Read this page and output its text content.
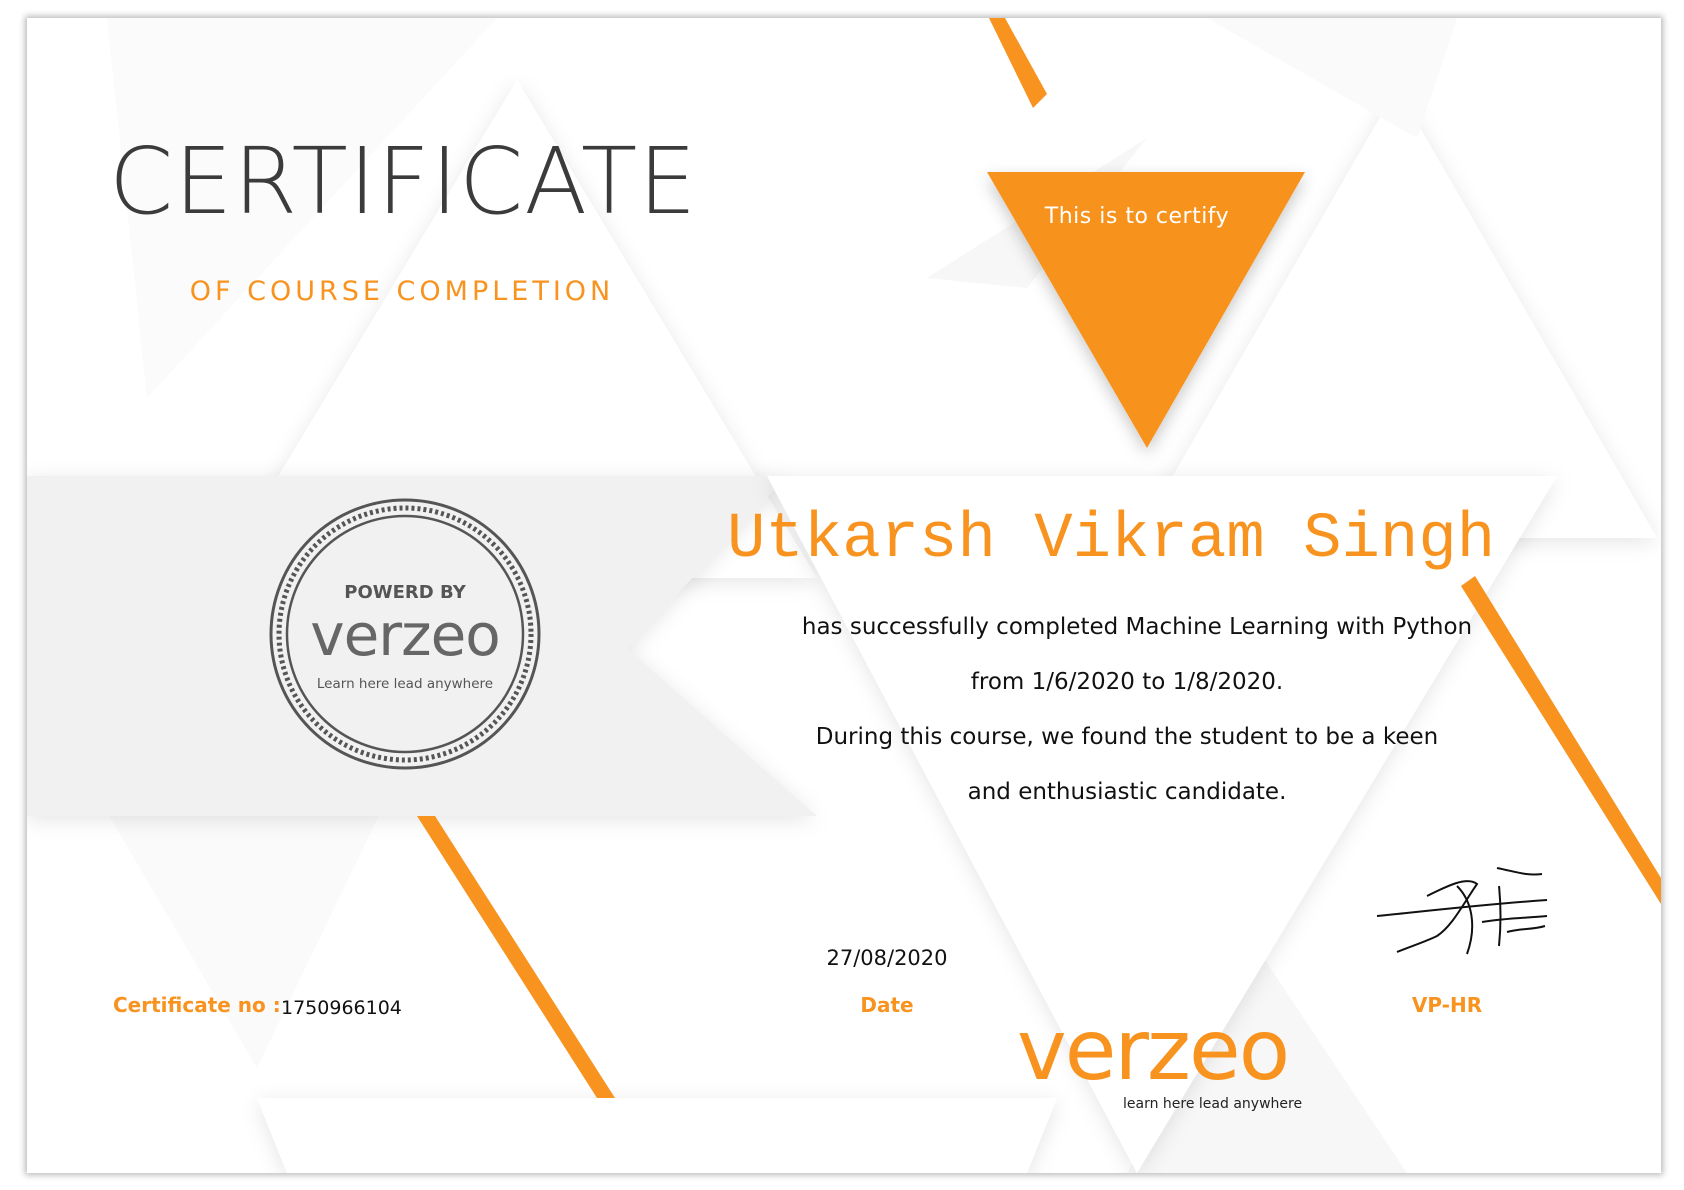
CERTIFICATE
OF COURSE COMPLETION
This is to certify
POWERD BY
verzeo
Learn here lead anywhere
Utkarsh Vikram Singh
has successfully completed Machine Learning with Python
from 1/6/2020 to 1/8/2020.
During this course, we found the student to be a keen
and enthusiastic candidate.
27/08/2020
Date	VP-HR
Certificate no : 1750966104	verzeo
learn here lead anywhere
